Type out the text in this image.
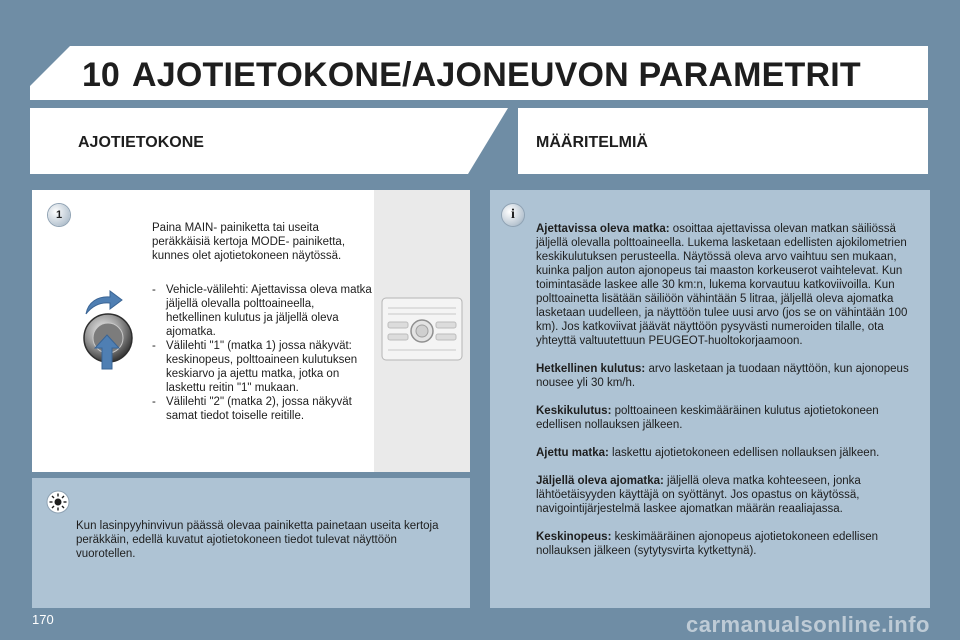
10 AJOTIETOKONE/AJONEUVON PARAMETRIT
AJOTIETOKONE	MÄÄRITELMIÄ
1

Paina MAIN- painiketta tai useita peräkkäisiä kertoja MODE- painiketta, kunnes olet ajotietokoneen näytössä.

- Vehicle-välilehti: Ajettavissa oleva matka jäljellä olevalla polttoaineella, hetkellinen kulutus ja jäljellä oleva ajomatka.
- Välilehti "1" (matka 1) jossa näkyvät: keskinopeus, polttoaineen kulutuksen keskiarvo ja ajettu matka, jotka on laskettu reitin "1" mukaan.
- Välilehti "2" (matka 2), jossa näkyvät samat tiedot toiselle reitille.

Kun lasinpyyhinvivun päässä olevaa painiketta painetaan useita kertoja peräkkäin, edellä kuvatut ajotietokoneen tiedot tulevat näyttöön vuorotellen.

i

Ajettavissa oleva matka: osoittaa ajettavissa olevan matkan säiliössä jäljellä olevalla polttoaineella. Lukema lasketaan edellisten ajokilometrien keskikulutuksen perusteella. Näytössä oleva arvo vaihtuu sen mukaan, kuinka paljon auton ajonopeus tai maaston korkeuserot vaihtelevat. Kun toimintasäde laskee alle 30 km:n, lukema korvautuu katkoviivoilla. Kun polttoainetta lisätään säiliöön vähintään 5 litraa, jäljellä oleva ajomatka lasketaan uudelleen, ja näyttöön tulee uusi arvo (jos se on vähintään 100 km). Jos katkoviivat jäävät näyttöön pysyvästi numeroiden tilalle, ota yhteyttä valtuutettuun PEUGEOT-huoltokorjaamoon.

Hetkellinen kulutus: arvo lasketaan ja tuodaan näyttöön, kun ajonopeus nousee yli 30 km/h.

Keskikulutus: polttoaineen keskimääräinen kulutus ajotietokoneen edellisen nollauksen jälkeen.

Ajettu matka: laskettu ajotietokoneen edellisen nollauksen jälkeen.

Jäljellä oleva ajomatka: jäljellä oleva matka kohteeseen, jonka lähtöetäisyyden käyttäjä on syöttänyt. Jos opastus on käytössä, navigointijärjestelmä laskee ajomatkan määrän reaaliajassa.

Keskinopeus: keskimääräinen ajonopeus ajotietokoneen edellisen nollauksen jälkeen (sytytysvirta kytkettynä).

170	carmanualsonline.info
